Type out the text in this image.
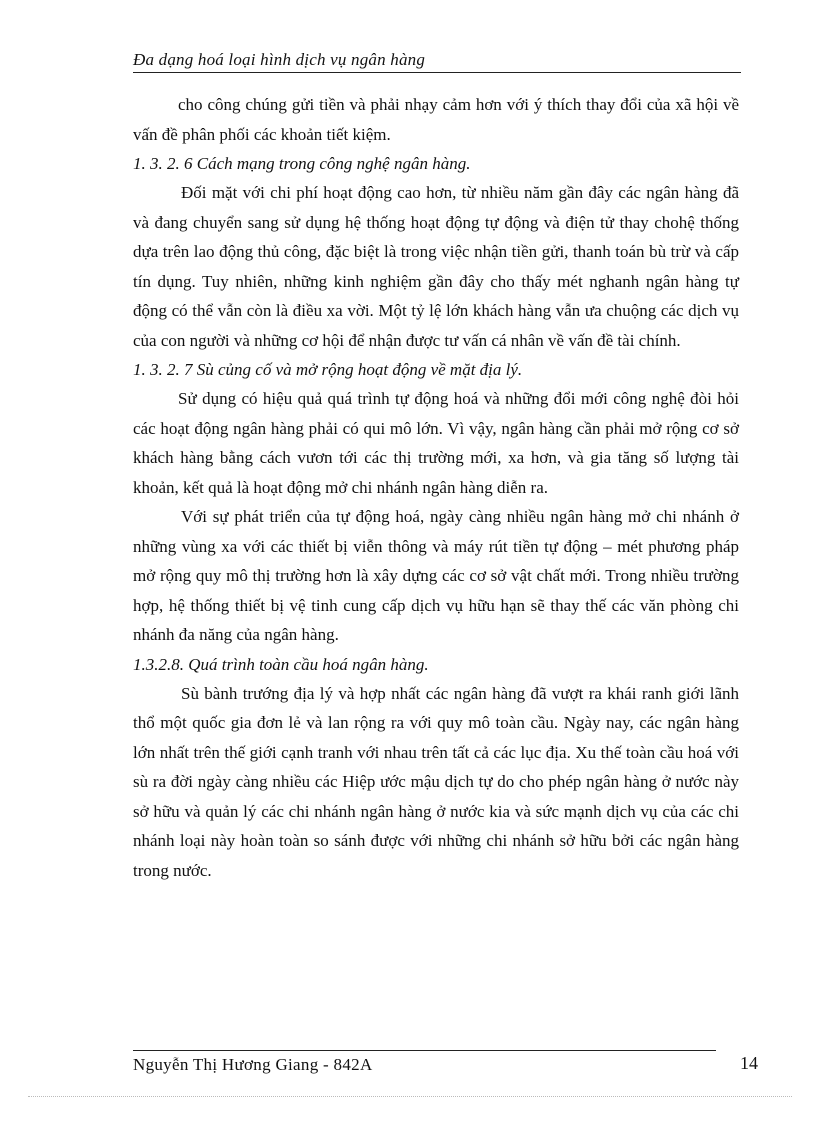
Đa dạng hoá loại hình dịch vụ ngân hàng
cho công chúng gửi tiền và phải nhạy cảm hơn với ý thích thay đổi của xã hội về vấn đề phân phối các khoản tiết kiệm.
1. 3. 2. 6 Cách mạng trong công nghệ ngân hàng.
Đối mặt với chi phí hoạt động cao hơn, từ nhiều năm gần đây các ngân hàng đã và đang chuyển sang sử dụng hệ thống hoạt động tự động và điện tử thay chohệ thống dựa trên lao động thủ công, đặc biệt là trong việc nhận tiền gửi, thanh toán bù trừ và cấp tín dụng. Tuy nhiên, những kinh nghiệm gần đây cho thấy mét nghanh ngân hàng tự động có thể vẫn còn là điều xa vời. Một tỷ lệ lớn khách hàng vẫn ưa chuộng các dịch vụ của con người và những cơ hội để nhận được tư vấn cá nhân về vấn đề tài chính.
1. 3. 2. 7 Sù củng cố và mở rộng hoạt động về mặt địa lý.
Sử dụng có hiệu quả quá trình tự động hoá và những đổi mới công nghệ đòi hỏi các hoạt động ngân hàng phải có qui mô lớn. Vì vậy, ngân hàng cần phải mở rộng cơ sở khách hàng bằng cách vươn tới các thị trường mới, xa hơn, và gia tăng số lượng tài khoản, kết quả là hoạt động mở chi nhánh ngân hàng diễn ra.
Với sự phát triển của tự động hoá, ngày càng nhiều ngân hàng mở chi nhánh ở những vùng xa với các thiết bị viễn thông và máy rút tiền tự động – mét phương pháp mở rộng quy mô thị trường hơn là xây dựng các cơ sở vật chất mới. Trong nhiều trường hợp, hệ thống thiết bị vệ tinh cung cấp dịch vụ hữu hạn sẽ thay thế các văn phòng chi nhánh đa năng của ngân hàng.
1.3.2.8. Quá trình toàn cầu hoá ngân hàng.
Sù bành trướng địa lý và hợp nhất các ngân hàng đã vượt ra khái ranh giới lãnh thổ một quốc gia đơn lẻ và lan rộng ra với quy mô toàn cầu. Ngày nay, các ngân hàng lớn nhất trên thế giới cạnh tranh với nhau trên tất cả các lục địa. Xu thế toàn cầu hoá với sù ra đời ngày càng nhiều các Hiệp ước mậu dịch tự do cho phép ngân hàng ở nước này sở hữu và quản lý các chi nhánh ngân hàng ở nước kia và sức mạnh dịch vụ của các chi nhánh loại này hoàn toàn so sánh được với những chi nhánh sở hữu bởi các ngân hàng trong nước.
Nguyễn Thị Hương Giang - 842A	14
